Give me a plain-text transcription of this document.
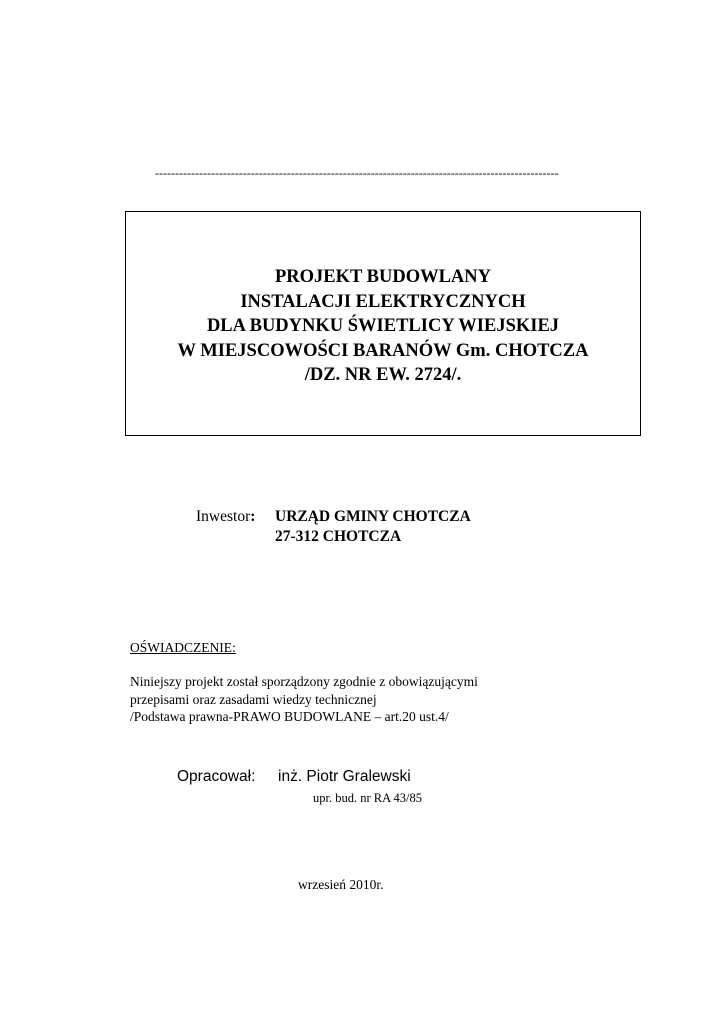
-----------------------------------------------------------------------------------------------------
PROJEKT BUDOWLANY
INSTALACJI ELEKTRYCZNYCH
DLA BUDYNKU ŚWIETLICY WIEJSKIEJ
W MIEJSCOWOŚCI BARANÓW Gm. CHOTCZA
/DZ. NR EW. 2724/.
Inwestor: URZĄD GMINY CHOTCZA
27-312 CHOTCZA
OŚWIADCZENIE:
Niniejszy projekt został sporządzony zgodnie z obowiązującymi
przepisami oraz zasadami wiedzy technicznej
/Podstawa prawna-PRAWO BUDOWLANE – art.20 ust.4/
Opracował: inż. Piotr Gralewski
upr. bud. nr RA 43/85
wrzesień 2010r.
